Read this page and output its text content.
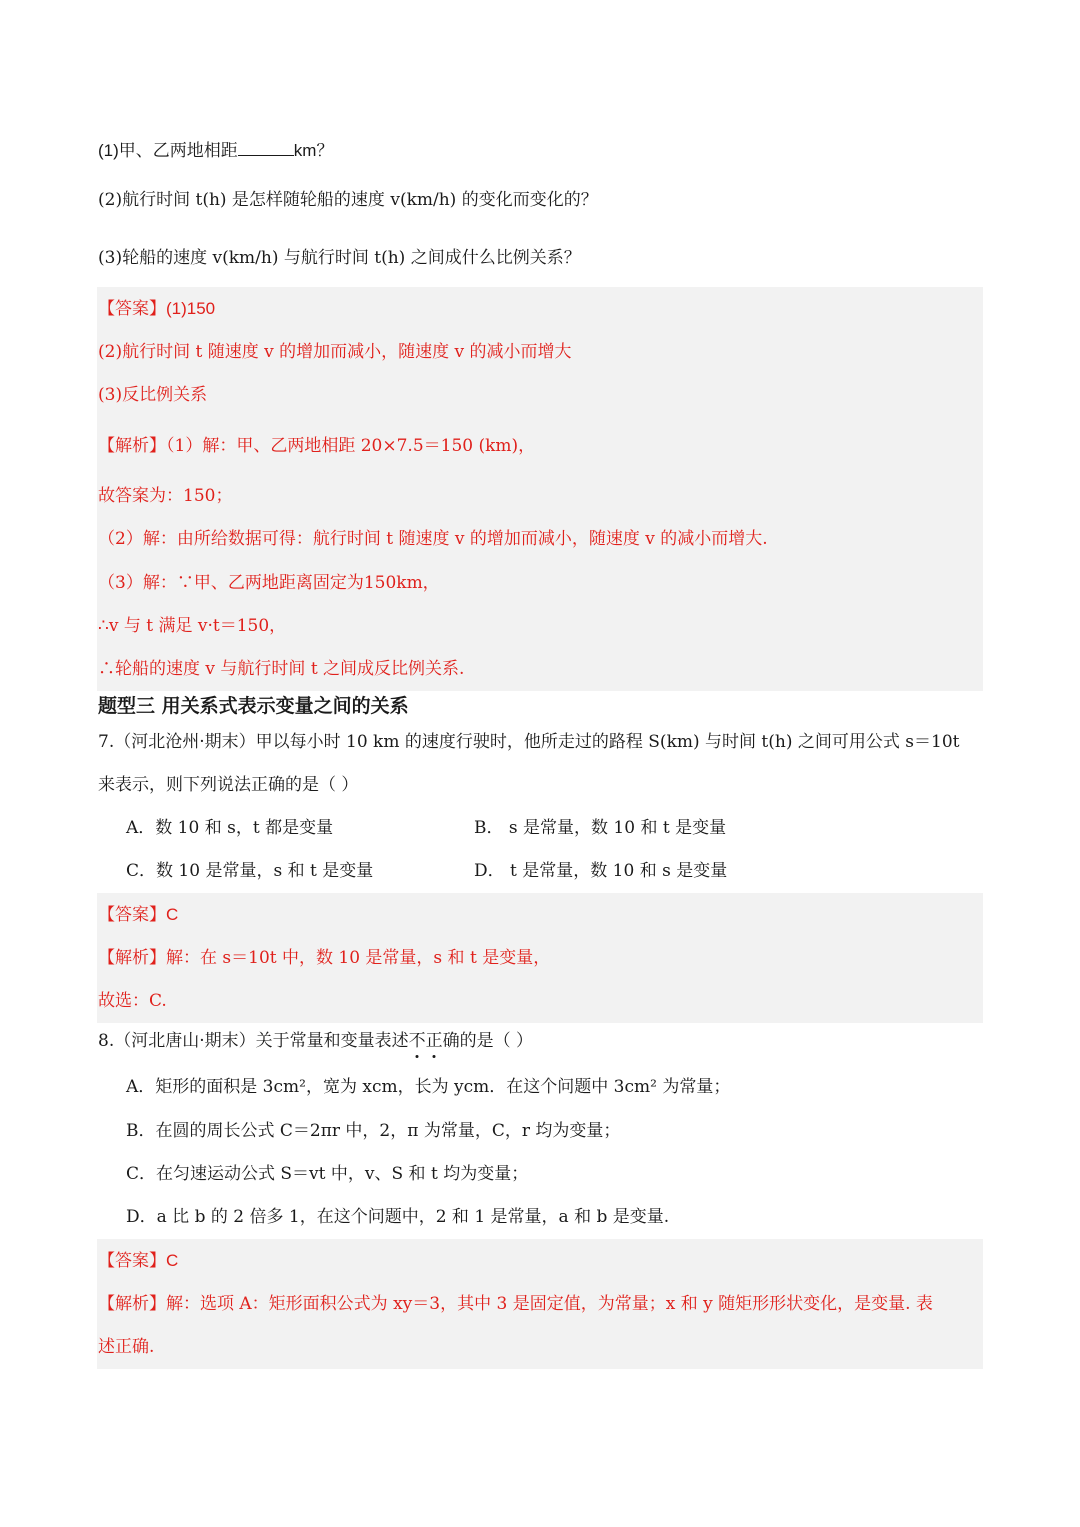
(1)甲、乙两地相距	km？
(2)航行时间 t(h) 是怎样随轮船的速度 v(km/h) 的变化而变化的？
(3)轮船的速度 v(km/h) 与航行时间 t(h) 之间成什么比例关系？
【答案】(1)150
(2)航行时间 t 随速度 v 的增加而减小，随速度 v 的减小而增大
(3)反比例关系
【解析】（1）解：甲、乙两地相距 20×7.5＝150 (km)，
故答案为：150；
（2）解：由所给数据可得：航行时间 t 随速度 v 的增加而减小，随速度 v 的减小而增大.
（3）解：∵甲、乙两地距离固定为150km，
∴v 与 t 满足 v·t＝150，
∴轮船的速度 v 与航行时间 t 之间成反比例关系.
题型三 用关系式表示变量之间的关系
7.（河北沧州·期末）甲以每小时 10 km 的速度行驶时，他所走过的路程 S(km) 与时间 t(h) 之间可用公式 s＝10t
来表示，则下列说法正确的是（ ）
A．数 10 和 s，t 都是变量	B． s 是常量，数 10 和 t 是变量
C．数 10 是常量，s 和 t 是变量	D． t 是常量，数 10 和 s 是变量
【答案】C
【解析】解：在 s＝10t 中，数 10 是常量，s 和 t 是变量，
故选：C.
8.（河北唐山·期末）关于常量和变量表述不正确的是（ ）
A．矩形的面积是 3cm²，宽为 xcm，长为 ycm．在这个问题中 3cm² 为常量；
B．在圆的周长公式 C＝2πr 中，2，π 为常量，C，r 均为变量；
C．在匀速运动公式 S＝vt 中，v、S 和 t 均为变量；
D．a 比 b 的 2 倍多 1，在这个问题中，2 和 1 是常量，a 和 b 是变量.
【答案】C
【解析】解：选项 A：矩形面积公式为 xy＝3，其中 3 是固定值，为常量；x 和 y 随矩形形状变化，是变量. 表
述正确.
